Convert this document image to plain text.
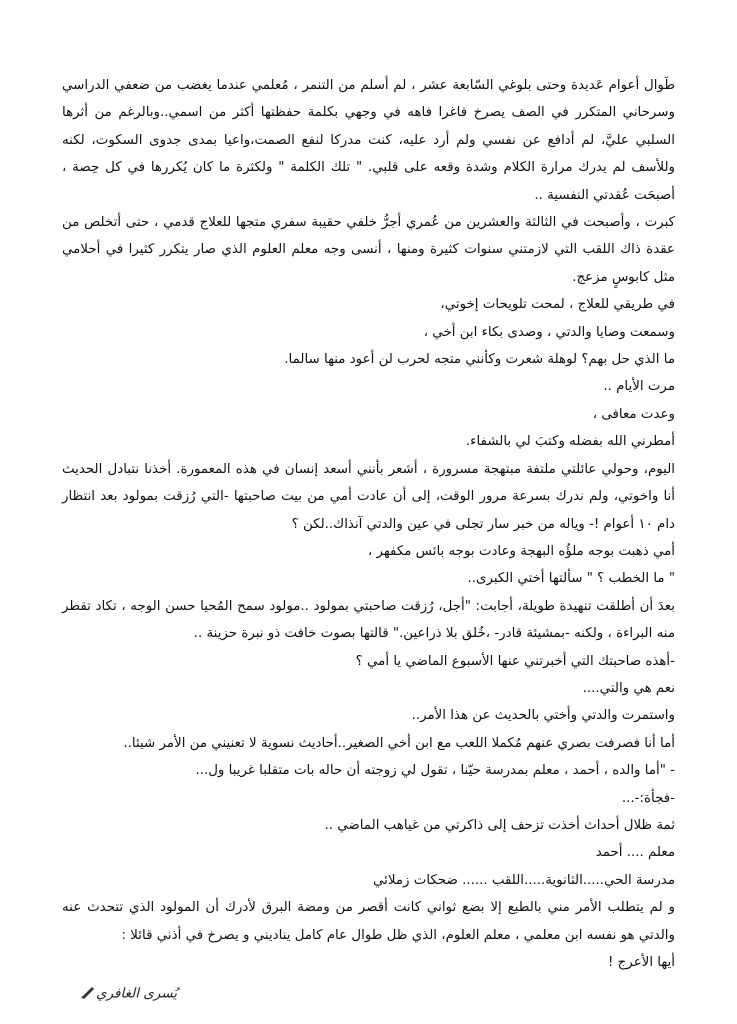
طَوال أعوام عَديدة وحتى بلوغي السّابعة عشر ، لم أسلم من التنمر ، مُعلمي عندما يغضب من ضعفي الدراسي وسرحاني المتكرر في الصف يصرخ فاغرا فاهه في وجهي بكلمة حفظتها أكثر من اسمي..وبالرغم من أثرها السلبي عليَّ، لم أدافع عن نفسي ولم أرد عليه، كنت مدركا لنفع الصمت،واعيا بمدى جدوى السكوت، لكنه وللأسف لم يدرك مرارة الكلام وشدة وقعه على قلبي. " تلك الكلمة " ولكثرة ما كان يُكررها في كل حِصة ، أصبحَت عُقدتي النفسية ..

كبرت ، وأصبحت في الثالثة والعشرين من عُمري أجرُّ خلفي حقيبة سفري متجها للعلاج قدمي ، حتى أتخلص من عقدة ذاك اللقب التي لازمتني سنوات كثيرة ومنها ، أنسى وجه معلم العلوم الذي صار يتكرر كثيرا في أحلامي مثل كابوسٍ مزعج.

في طريقي للعلاج ، لمحت تلويحات إخوتي،

وسمعت وصايا والدتي ، وصدى بكاء ابن أخي ،

ما الذي حل بهم؟ لوهلة شعرت وكأنني متجه لحرب لن أعود منها سالما.

مرت الأيام ..

وعدت معافى ،

أمطرني الله بفضله وكتبَ لي بالشفاء.

اليوم، وحولي عائلتي ملتفة مبتهجة مسرورة ، أشعر بأنني أسعد إنسان في هذه المعمورة. أخذنا نتبادل الحديث أنا واخوتي، ولم ندرك بسرعة مرور الوقت، إلى أن عادت أمي من بيت صاحبتها -التي رُزقت بمولود بعد انتظار دام ١٠ أعوام !- وياله من خبر سار تجلى في عين والدتي آنذاك..لكن ؟

أمي ذهبت بوجه ملؤُه البهجة وعادت بوجه بائس مكفهر ،

" ما الخطب ؟ " سألتها أختي الكبرى..

بعدَ أن أطلقت تنهيدة طويلة، أجابت: "أجل، رُزقت صاحبتي بمولود ..مولود سمح المُحيا حسن الوجه ، تكاد تقطر منه البراءة ، ولكنه -بمشيئة قادر- ،خُلق بلا ذراعين." قالتها بصوت خافت ذو نبرة حزينة ..

-أهذه صاحبتك التي أخبرتني عنها الأسبوع الماضي يا أمي ؟

نعم هي والتي....

واستمرت والدتي وأختي بالحديث عن هذا الأمر..

أما أنا فصرفت بصري عنهم مُكملا اللعب مع ابن أخي الصغير..أحاديث نسوية لا تعنيني من الأمر شيئا..

- "أما والده ، أحمد ، معلم بمدرسة حيّنا ، تقول لي زوجته أن حاله بات متقلبا غريبا ول...

-فجأة:-...

ثمة ظلال أحداث أخذت تزحف إلى ذاكرتي من غياهب الماضي ..

معلم .... أحمد

مدرسة الحي.....الثانوية.....اللقب ...... ضحكات زملائي

و لم يتطلب الأمر مني بالطبع إلا بضع ثواني كانت أقصر من ومضة البرق لأدرك أن المولود الذي تتحدث عنه والدتي هو نفسه ابن معلمي ، معلم العلوم، الذي ظل طوال عام كامل يناديني و يصرخ في أذني قائلا :

أيها الأعرج !

يُسرى الغافري
